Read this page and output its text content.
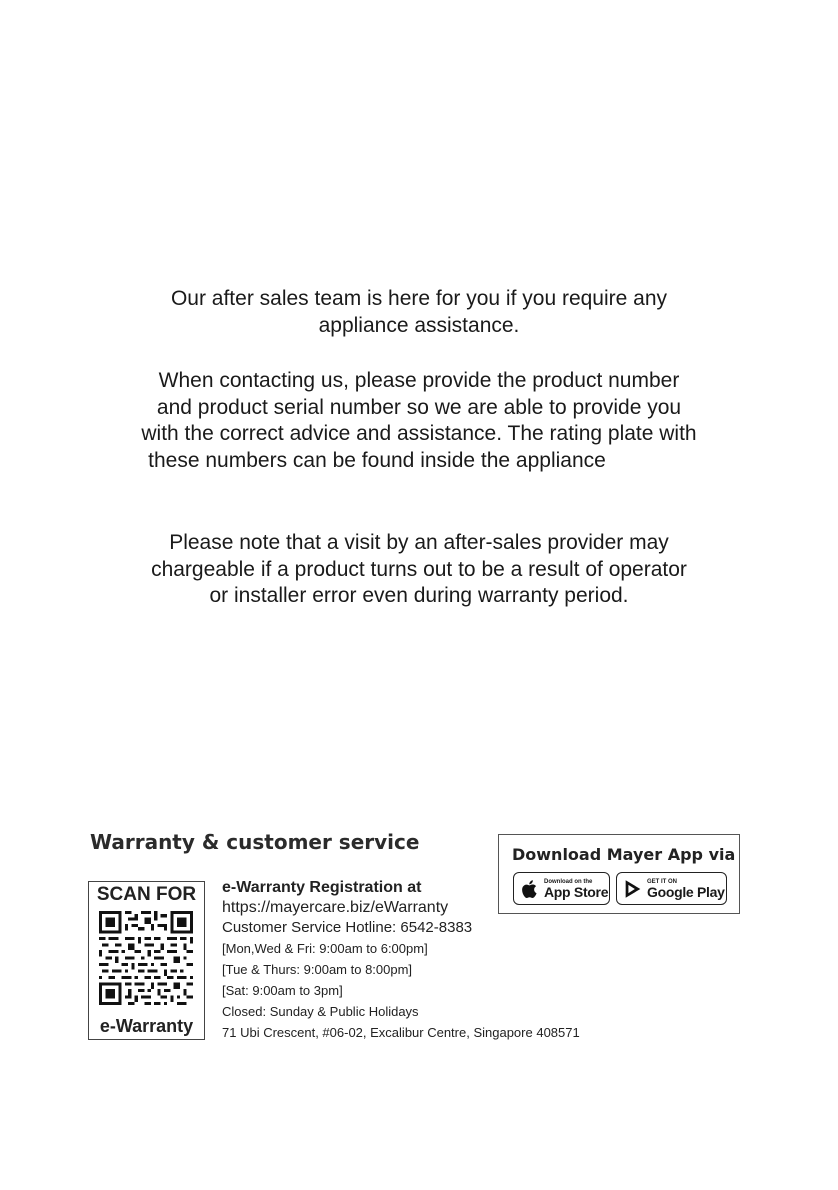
Our after sales team is here for you if you require any
appliance assistance.
When contacting us, please provide the product number
and product serial number so we are able to provide you
with the correct advice and assistance. The rating plate with
these numbers can be found inside the appliance
Please note that a visit by an after-sales provider may
chargeable if a product turns out to be a result of operator
or installer error even during warranty period.
Warranty & customer service
Download Mayer App via
Download on the
App Store
GET IT ON
Google Play
SCAN FOR
e-Warranty
e-Warranty Registration at
https://mayercare.biz/eWarranty
Customer Service Hotline: 6542-8383
[Mon,Wed & Fri: 9:00am to 6:00pm]
[Tue & Thurs: 9:00am to 8:00pm]
[Sat: 9:00am to 3pm]
Closed: Sunday & Public Holidays
71 Ubi Crescent, #06-02, Excalibur Centre, Singapore 408571
